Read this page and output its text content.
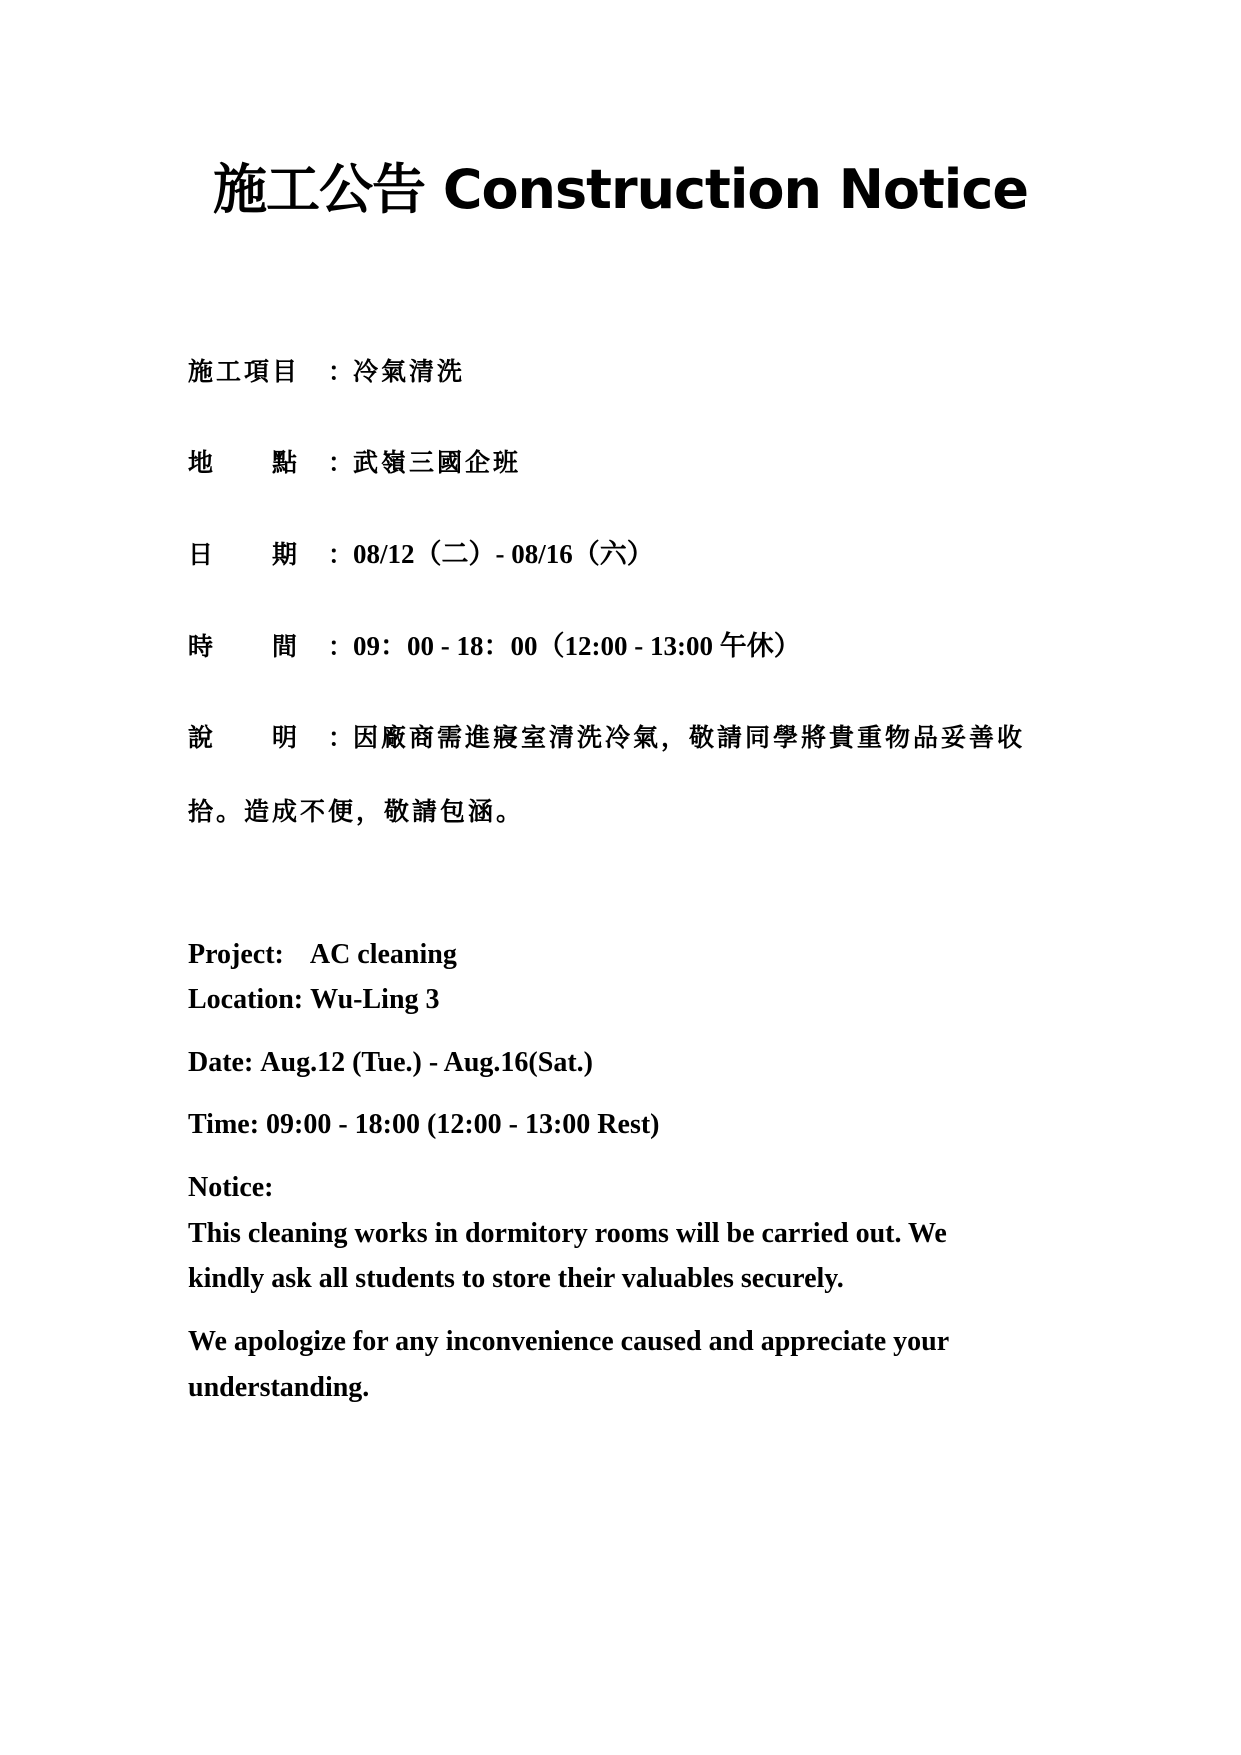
施工公告 Construction Notice
施工項目 ：冷氣清洗
地　　點 ：武嶺三國企班
日　　期 ：08/12（二）- 08/16（六）
時　　間 ：09：00 - 18：00（12:00 - 13:00 午休）
說　　明 ：因廠商需進寢室清洗冷氣，敬請同學將貴重物品妥善收
拾。造成不便，敬請包涵。
Project: AC cleaning
Location: Wu-Ling 3
Date: Aug.12 (Tue.) - Aug.16(Sat.)
Time: 09:00 - 18:00 (12:00 - 13:00 Rest)
Notice:
This cleaning works in dormitory rooms will be carried out. We
kindly ask all students to store their valuables securely.
We apologize for any inconvenience caused and appreciate your
understanding.
